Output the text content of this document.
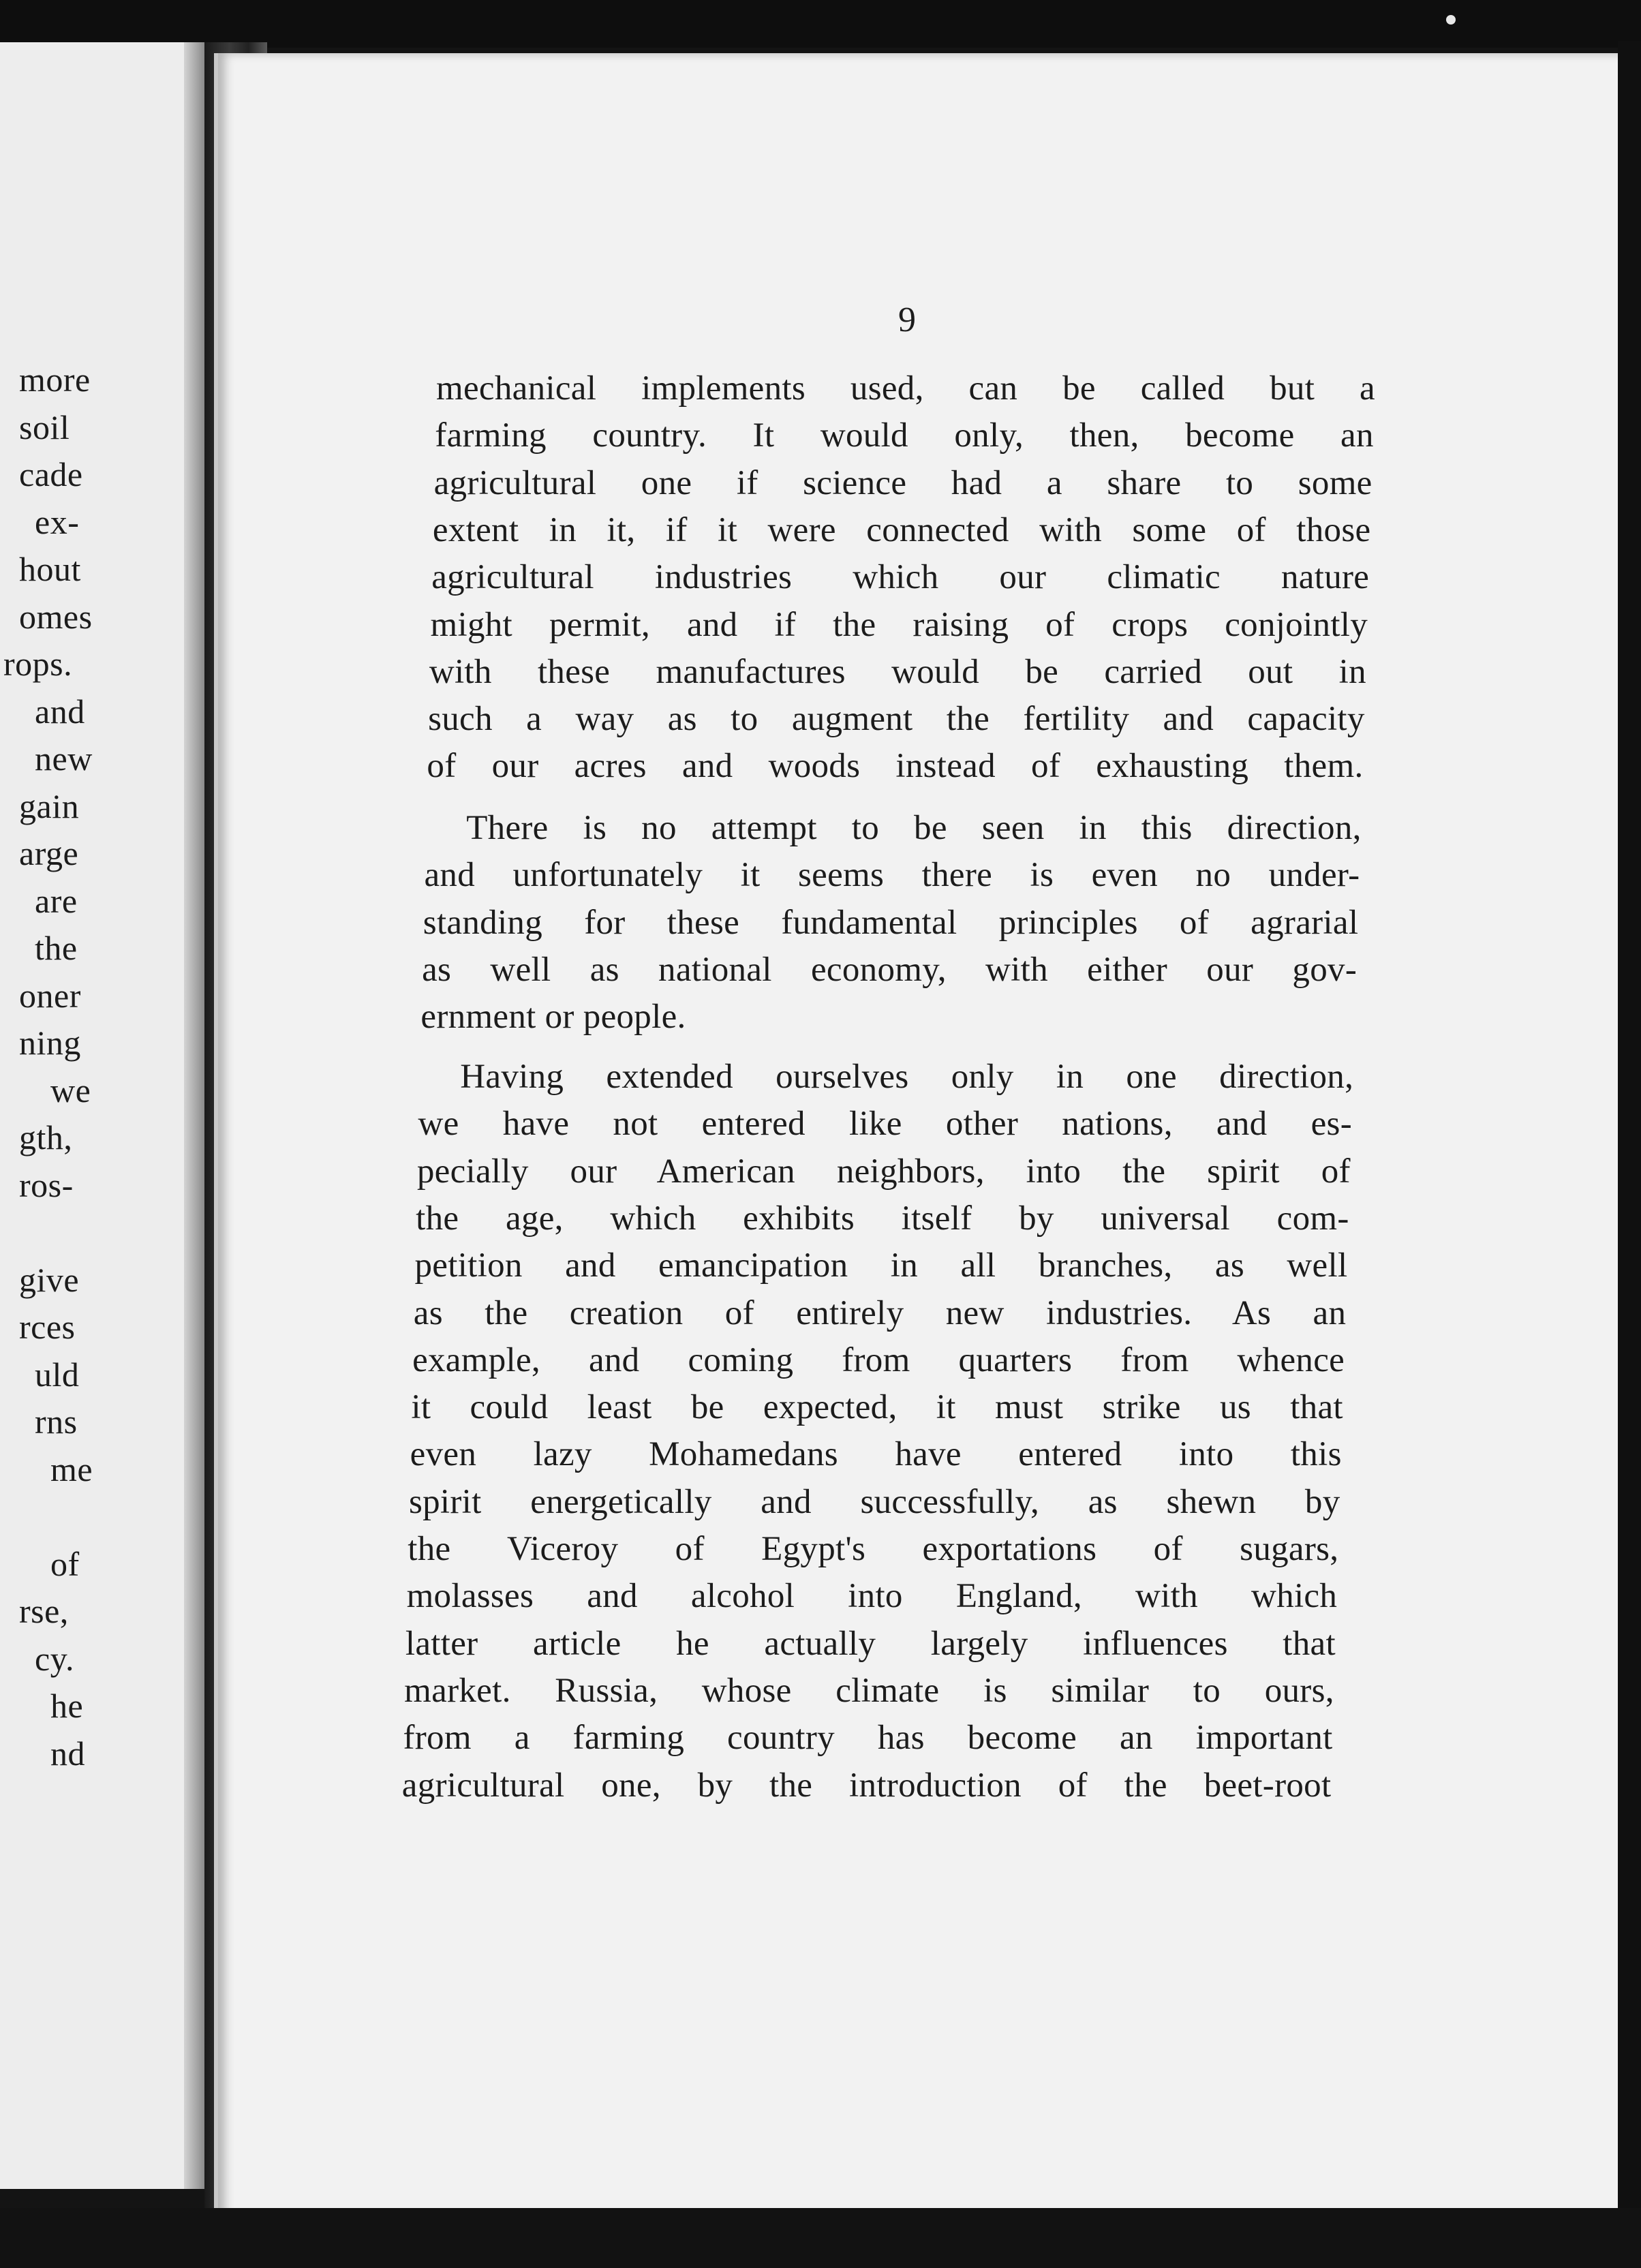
more
soil
cade
ex-
hout
omes
rops.
and
new
gain
arge
are
the
oner
ning
we
gth,
ros-
give
rces
uld
rns
me
of
rse,
cy.
he
nd
9
mechanical implements used, can be called but a
farming country. It would only, then, become an
agricultural one if science had a share to some
extent in it, if it were connected with some of those
agricultural industries which our climatic nature
might permit, and if the raising of crops conjointly
with these manufactures would be carried out in
such a way as to augment the fertility and capacity
of our acres and woods instead of exhausting them.
There is no attempt to be seen in this direction,
and unfortunately it seems there is even no under-
standing for these fundamental principles of agrarial
as well as national economy, with either our gov-
ernment or people.
Having extended ourselves only in one direction,
we have not entered like other nations, and es-
pecially our American neighbors, into the spirit of
the age, which exhibits itself by universal com-
petition and emancipation in all branches, as well
as the creation of entirely new industries. As an
example, and coming from quarters from whence
it could least be expected, it must strike us that
even lazy Mohamedans have entered into this
spirit energetically and successfully, as shewn by
the Viceroy of Egypt's exportations of sugars,
molasses and alcohol into England, with which
latter article he actually largely influences that
market. Russia, whose climate is similar to ours,
from a farming country has become an important
agricultural one, by the introduction of the beet-root
